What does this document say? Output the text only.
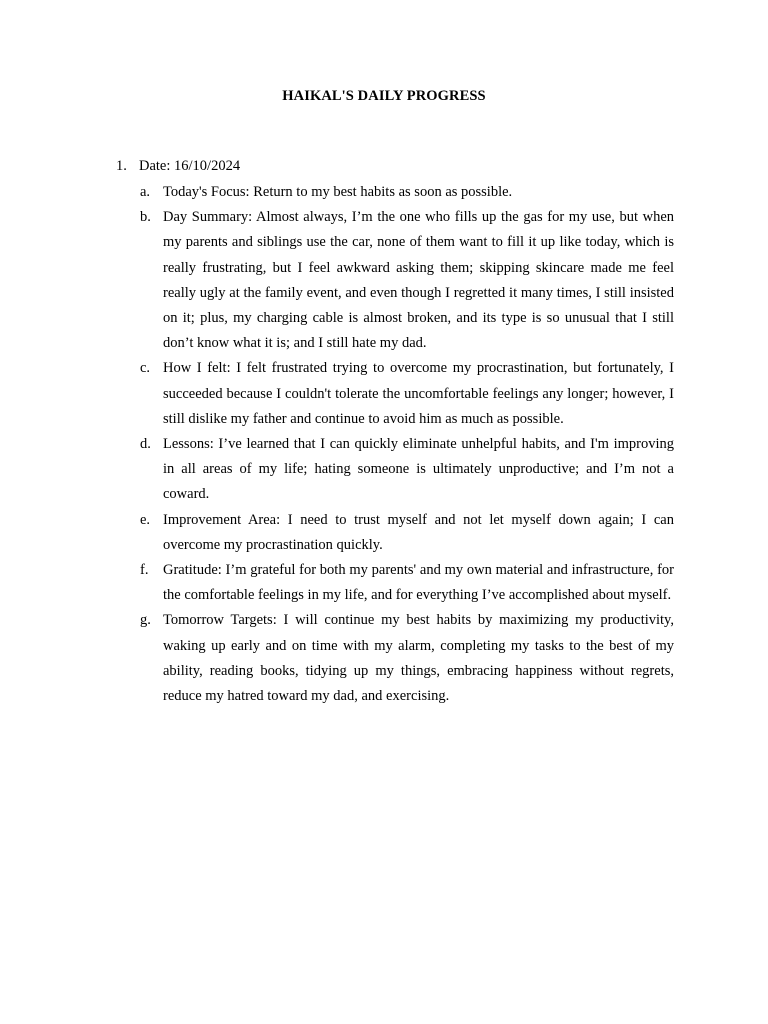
HAIKAL'S DAILY PROGRESS
1. Date: 16/10/2024
a. Today's Focus: Return to my best habits as soon as possible.
b. Day Summary: Almost always, I’m the one who fills up the gas for my use, but when my parents and siblings use the car, none of them want to fill it up like today, which is really frustrating, but I feel awkward asking them; skipping skincare made me feel really ugly at the family event, and even though I regretted it many times, I still insisted on it; plus, my charging cable is almost broken, and its type is so unusual that I still don’t know what it is; and I still hate my dad.
c. How I felt: I felt frustrated trying to overcome my procrastination, but fortunately, I succeeded because I couldn't tolerate the uncomfortable feelings any longer; however, I still dislike my father and continue to avoid him as much as possible.
d. Lessons: I’ve learned that I can quickly eliminate unhelpful habits, and I'm improving in all areas of my life; hating someone is ultimately unproductive; and I’m not a coward.
e. Improvement Area: I need to trust myself and not let myself down again; I can overcome my procrastination quickly.
f. Gratitude: I’m grateful for both my parents' and my own material and infrastructure, for the comfortable feelings in my life, and for everything I’ve accomplished about myself.
g. Tomorrow Targets: I will continue my best habits by maximizing my productivity, waking up early and on time with my alarm, completing my tasks to the best of my ability, reading books, tidying up my things, embracing happiness without regrets, reduce my hatred toward my dad, and exercising.
